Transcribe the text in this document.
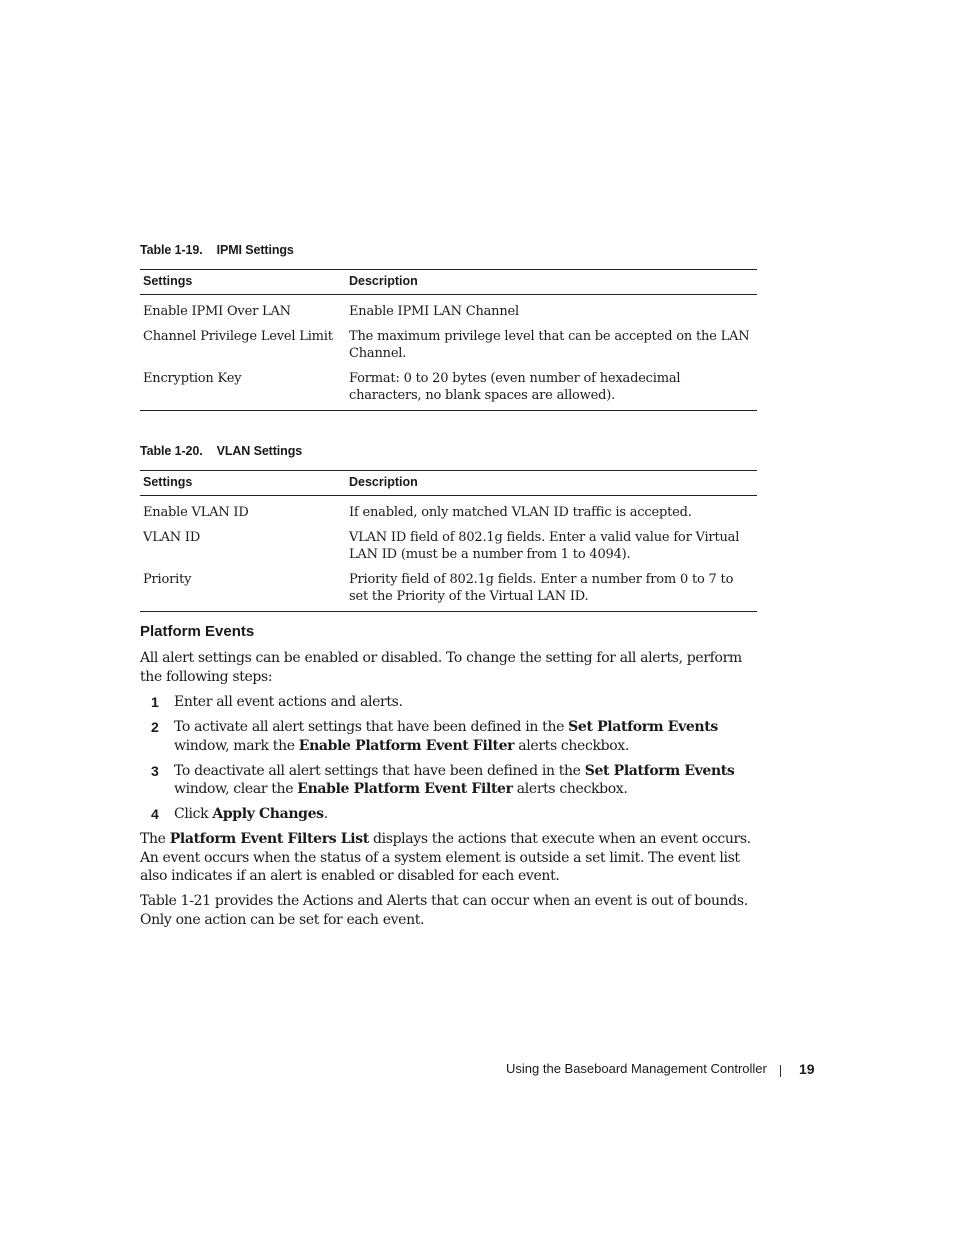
Table 1-19. IPMI Settings
Settings	Description
Enable IPMI Over LAN	Enable IPMI LAN Channel
Channel Privilege Level Limit	The maximum privilege level that can be accepted on the LAN Channel.
Encryption Key	Format: 0 to 20 bytes (even number of hexadecimal characters, no blank spaces are allowed).
Table 1-20. VLAN Settings
Settings	Description
Enable VLAN ID	If enabled, only matched VLAN ID traffic is accepted.
VLAN ID	VLAN ID field of 802.1g fields. Enter a valid value for Virtual LAN ID (must be a number from 1 to 4094).
Priority	Priority field of 802.1g fields. Enter a number from 0 to 7 to set the Priority of the Virtual LAN ID.
Platform Events

All alert settings can be enabled or disabled. To change the setting for all alerts, perform the following steps:

1 Enter all event actions and alerts.
2 To activate all alert settings that have been defined in the Set Platform Events window, mark the Enable Platform Event Filter alerts checkbox.
3 To deactivate all alert settings that have been defined in the Set Platform Events window, clear the Enable Platform Event Filter alerts checkbox.
4 Click Apply Changes.

The Platform Event Filters List displays the actions that execute when an event occurs. An event occurs when the status of a system element is outside a set limit. The event list also indicates if an alert is enabled or disabled for each event.

Table 1-21 provides the Actions and Alerts that can occur when an event is out of bounds. Only one action can be set for each event.

Using the Baseboard Management Controller 19
